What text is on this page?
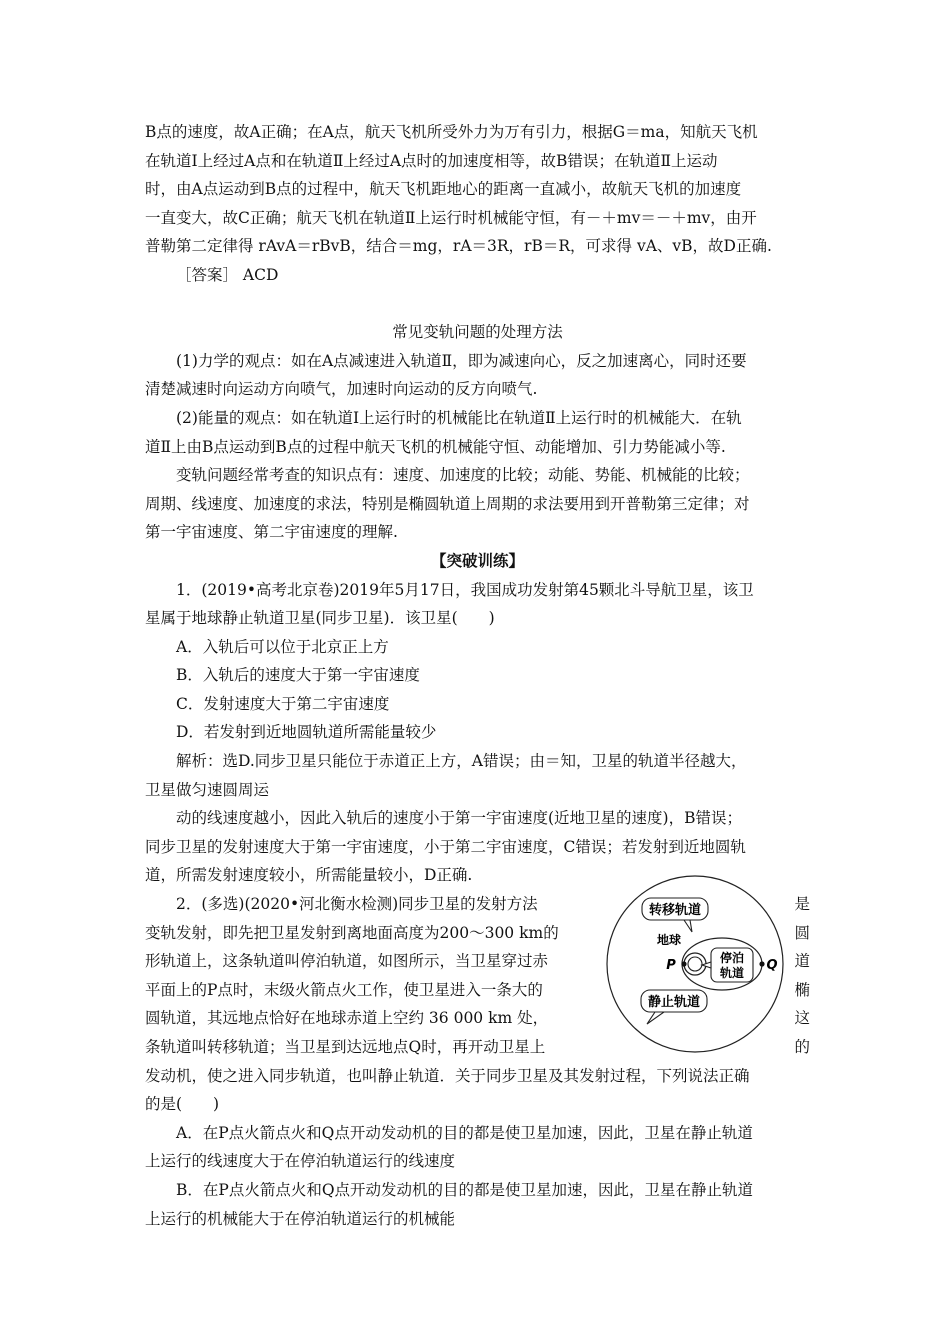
B点的速度，故A正确；在A点，航天飞机所受外力为万有引力，根据G＝ma，知航天飞机
在轨道Ⅰ上经过A点和在轨道Ⅱ上经过A点时的加速度相等，故B错误；在轨道Ⅱ上运动
时，由A点运动到B点的过程中，航天飞机距地心的距离一直减小，故航天飞机的加速度
一直变大，故C正确；航天飞机在轨道Ⅱ上运行时机械能守恒，有－＋mv＝－＋mv，由开
普勒第二定律得 rAvA＝rBvB，结合＝mg，rA＝3R，rB＝R，可求得 vA、vB，故D正确.
［答案］ ACD
常见变轨问题的处理方法
(1)力学的观点：如在A点减速进入轨道Ⅱ，即为减速向心，反之加速离心，同时还要
清楚减速时向运动方向喷气，加速时向运动的反方向喷气.
(2)能量的观点：如在轨道Ⅰ上运行时的机械能比在轨道Ⅱ上运行时的机械能大．在轨
道Ⅱ上由B点运动到B点的过程中航天飞机的机械能守恒、动能增加、引力势能减小等.
变轨问题经常考查的知识点有：速度、加速度的比较；动能、势能、机械能的比较；
周期、线速度、加速度的求法，特别是椭圆轨道上周期的求法要用到开普勒第三定律；对
第一宇宙速度、第二宇宙速度的理解.
【突破训练】
1．(2019•高考北京卷)2019年5月17日，我国成功发射第45颗北斗导航卫星，该卫
星属于地球静止轨道卫星(同步卫星)．该卫星(　　)
A．入轨后可以位于北京正上方
B．入轨后的速度大于第一宇宙速度
C．发射速度大于第二宇宙速度
D．若发射到近地圆轨道所需能量较少
解析：选D.同步卫星只能位于赤道正上方，A错误；由＝知，卫星的轨道半径越大，
卫星做匀速圆周运
动的线速度越小，因此入轨后的速度小于第一宇宙速度(近地卫星的速度)，B错误；
同步卫星的发射速度大于第一宇宙速度，小于第二宇宙速度，C错误；若发射到近地圆轨
道，所需发射速度较小，所需能量较小，D正确.
2．(多选)(2020•河北衡水检测)同步卫星的发射方法	是
变轨发射，即先把卫星发射到离地面高度为200～300 km的	圆
形轨道上，这条轨道叫停泊轨道，如图所示，当卫星穿过赤	道
平面上的P点时，末级火箭点火工作，使卫星进入一条大的	椭
圆轨道，其远地点恰好在地球赤道上空约 36 000 km 处，	这
条轨道叫转移轨道；当卫星到达远地点Q时，再开动卫星上	的
发动机，使之进入同步轨道，也叫静止轨道．关于同步卫星及其发射过程，下列说法正确
的是(　　)
A．在P点火箭点火和Q点开动发动机的目的都是使卫星加速，因此，卫星在静止轨道
上运行的线速度大于在停泊轨道运行的线速度
B．在P点火箭点火和Q点开动发动机的目的都是使卫星加速，因此，卫星在静止轨道
上运行的机械能大于在停泊轨道运行的机械能
转移轨道
地球
停泊
轨道
静止轨道
P	Q
